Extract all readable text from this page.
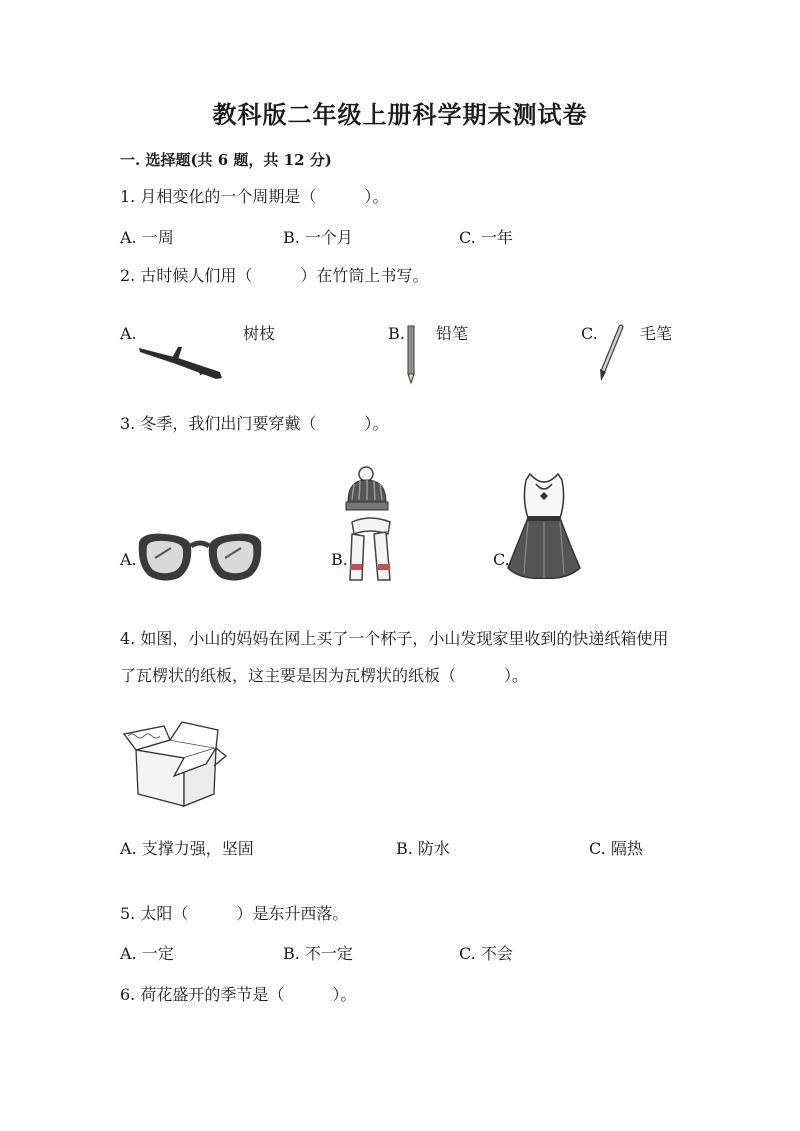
教科版二年级上册科学期末测试卷
一. 选择题(共 6 题，共 12 分)
1. 月相变化的一个周期是（　　　）。
A. 一周	B. 一个月	C. 一年
2. 古时候人们用（　　　）在竹筒上书写。
A.	树枝	B. 铅笔	C.	毛笔
3. 冬季，我们出门要穿戴（　　　）。
A.	B.	C.
4. 如图，小山的妈妈在网上买了一个杯子，小山发现家里收到的快递纸箱使用
了瓦楞状的纸板，这主要是因为瓦楞状的纸板（　　　）。
A. 支撑力强，坚固	B. 防水	C. 隔热
5. 太阳（　　　）是东升西落。
A. 一定	B. 不一定	C. 不会
6. 荷花盛开的季节是（　　　）。
